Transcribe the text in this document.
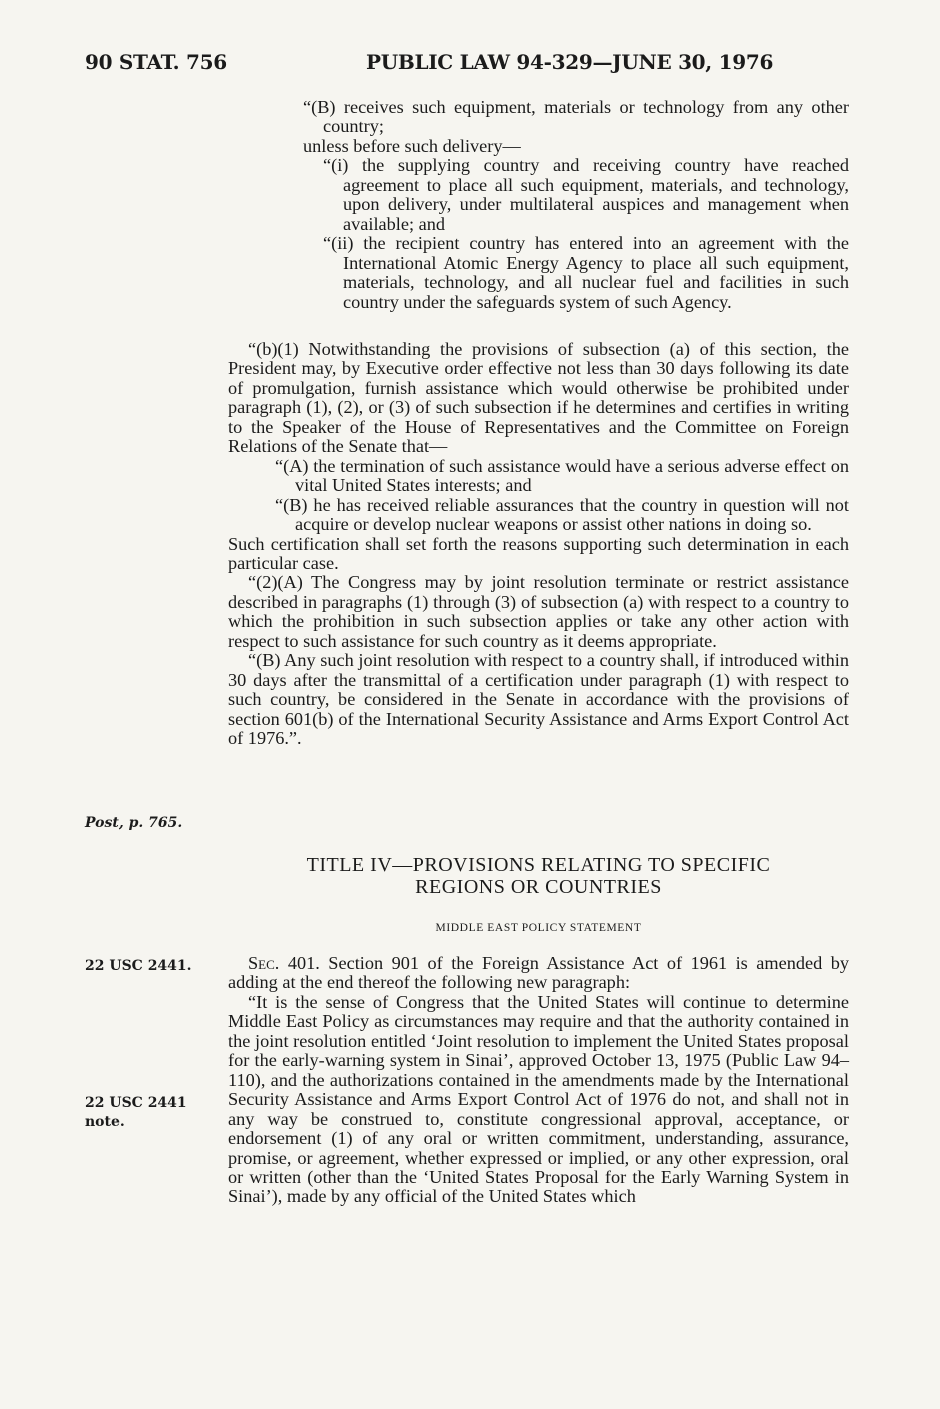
90 STAT. 756	PUBLIC LAW 94-329—JUNE 30, 1976

“(B) receives such equipment, materials or technology from any other country;

unless before such delivery—

“(i) the supplying country and receiving country have reached agreement to place all such equipment, materials, and technology, upon delivery, under multilateral auspices and management when available; and

“(ii) the recipient country has entered into an agreement with the International Atomic Energy Agency to place all such equipment, materials, technology, and all nuclear fuel and facilities in such country under the safeguards system of such Agency.

“(b)(1) Notwithstanding the provisions of subsection (a) of this section, the President may, by Executive order effective not less than 30 days following its date of promulgation, furnish assistance which would otherwise be prohibited under paragraph (1), (2), or (3) of such subsection if he determines and certifies in writing to the Speaker of the House of Representatives and the Committee on Foreign Relations of the Senate that—

“(A) the termination of such assistance would have a serious adverse effect on vital United States interests; and

“(B) he has received reliable assurances that the country in question will not acquire or develop nuclear weapons or assist other nations in doing so.

Such certification shall set forth the reasons supporting such determination in each particular case.

“(2)(A) The Congress may by joint resolution terminate or restrict assistance described in paragraphs (1) through (3) of subsection (a) with respect to a country to which the prohibition in such subsection applies or take any other action with respect to such assistance for such country as it deems appropriate.

“(B) Any such joint resolution with respect to a country shall, if introduced within 30 days after the transmittal of a certification under paragraph (1) with respect to such country, be considered in the Senate in accordance with the provisions of section 601(b) of the International Security Assistance and Arms Export Control Act of 1976.”.

Post, p. 765.
TITLE IV—PROVISIONS RELATING TO SPECIFIC
REGIONS OR COUNTRIES
MIDDLE EAST POLICY STATEMENT
22 USC 2441.	Sec. 401. Section 901 of the Foreign Assistance Act of 1961 is amended by adding at the end thereof the following new paragraph:

“It is the sense of Congress that the United States will continue to determine Middle East Policy as circumstances may require and that the authority contained in the joint resolution entitled ‘Joint resolution to implement the United States proposal for the early-warning system in Sinai’, approved October 13, 1975 (Public Law 94–110), and the authorizations contained in the amendments made by the International Security Assistance and Arms Export Control Act of 1976 do not, and shall not in any way be construed to, constitute congressional approval, acceptance, or endorsement (1) of any oral or written commitment, understanding, assurance, promise, or agreement, whether expressed or implied, or any other expression, oral or written (other than the ‘United States Proposal for the Early Warning System in Sinai’), made by any official of the United States which

22 USC 2441
note.
